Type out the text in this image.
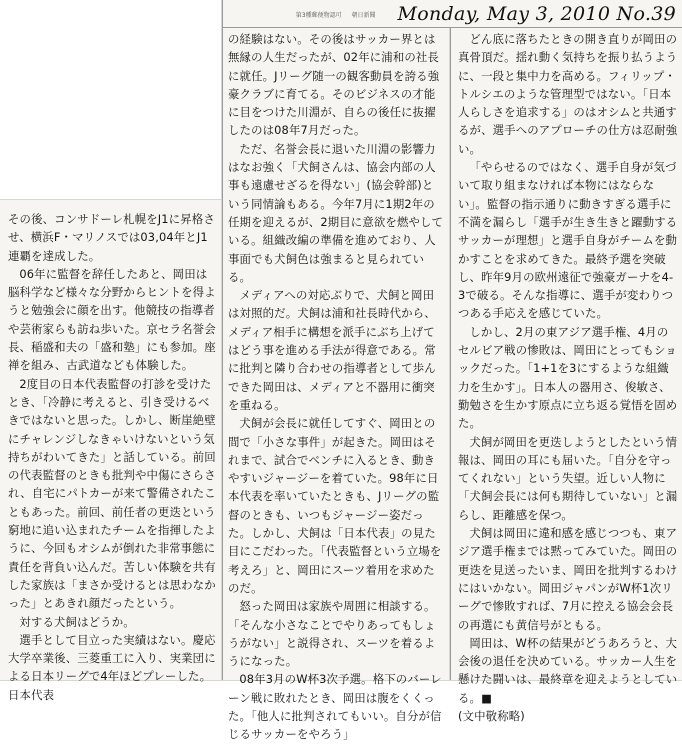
第3種郵便物認可 朝日新聞	Monday, May 3, 2010 No.39

その後、コンサドーレ札幌をJ1に昇格させ、横浜F・マリノスでは03,04年とJ1連覇を達成した。

06年に監督を辞任したあと、岡田は脳科学など様々な分野からヒントを得ようと勉強会に顔を出す。他競技の指導者や芸術家らも訪ね歩いた。京セラ名誉会長、稲盛和夫の「盛和塾」にも参加。座禅を組み、古武道なども体験した。

2度目の日本代表監督の打診を受けたとき、「冷静に考えると、引き受けるべきではないと思った。しかし、断崖絶壁にチャレンジしなきゃいけないという気持ちがわいてきた」と話している。前回の代表監督のときも批判や中傷にさらされ、自宅にパトカーが来て警備されたこともあった。前回、前任者の更迭という窮地に追い込まれたチームを指揮したように、今回もオシムが倒れた非常事態に責任を背負い込んだ。苦しい体験を共有した家族は「まさか受けるとは思わなかった」とあきれ顔だったという。

対する犬飼はどうか。

選手として目立った実績はない。慶応大学卒業後、三菱重工に入り、実業団による日本リーグで4年ほどプレーした。日本代表

の経験はない。その後はサッカー界とは無縁の人生だったが、02年に浦和の社長に就任。Jリーグ随一の観客動員を誇る強豪クラブに育てる。そのビジネスの才能に目をつけた川淵が、自らの後任に抜擢したのは08年7月だった。

ただ、名誉会長に退いた川淵の影響力はなお強く「犬飼さんは、協会内部の人事も遠慮せざるを得ない」(協会幹部)という同情論もある。今年7月に1期2年の任期を迎えるが、2期目に意欲を燃やしている。組織改編の準備を進めており、人事面でも犬飼色は強まると見られている。

メディアへの対応ぶりで、犬飼と岡田は対照的だ。犬飼は浦和社長時代から、メディア相手に構想を派手にぶち上げてはどう事を進める手法が得意である。常に批判と隣り合わせの指導者として歩んできた岡田は、メディアと不器用に衝突を重ねる。

犬飼が会長に就任してすぐ、岡田との間で「小さな事件」が起きた。岡田はそれまで、試合でベンチに入るとき、動きやすいジャージーを着ていた。98年に日本代表を率いていたときも、Jリーグの監督のときも、いつもジャージー姿だった。しかし、犬飼は「日本代表」の見た目にこだわった。「代表監督という立場を考えろ」と、岡田にスーツ着用を求めたのだ。

怒った岡田は家族や周囲に相談する。「そんな小さなことでやりあってもしょうがない」と説得され、スーツを着るようになった。

08年3月のW杯3次予選。格下のバーレーン戦に敗れたとき、岡田は腹をくくった。「他人に批判されてもいい。自分が信じるサッカーをやろう」

どん底に落ちたときの開き直りが岡田の真骨頂だ。揺れ動く気持ちを振り払うように、一段と集中力を高める。フィリップ・トルシエのような管理型ではない。「日本人らしさを追求する」のはオシムと共通するが、選手へのアプローチの仕方は忍耐強い。

「やらせるのではなく、選手自身が気づいて取り組まなければ本物にはならない」。監督の指示通りに動きすぎる選手に不満を漏らし「選手が生き生きと躍動するサッカーが理想」と選手自身がチームを動かすことを求めてきた。最終予選を突破し、昨年9月の欧州遠征で強豪ガーナを4-3で破る。そんな指導に、選手が変わりつつある手応えを感じていた。

しかし、2月の東アジア選手権、4月のセルビア戦の惨敗は、岡田にとってもショックだった。「1+1を3にするような組織力を生かす」。日本人の器用さ、俊敏さ、勤勉さを生かす原点に立ち返る覚悟を固めた。

犬飼が岡田を更迭しようとしたという情報は、岡田の耳にも届いた。「自分を守ってくれない」という失望。近しい人物に「犬飼会長には何も期待していない」と漏らし、距離感を保つ。

犬飼は岡田に違和感を感じつつも、東アジア選手権までは黙ってみていた。岡田の更迭を見送ったいま、岡田を批判するわけにはいかない。岡田ジャパンがW杯1次リーグで惨敗すれば、7月に控える協会会長の再選にも黄信号がともる。

岡田は、W杯の結果がどうあろうと、大会後の退任を決めている。サッカー人生を懸けた闘いは、最終章を迎えようとしている。■

(文中敬称略)
